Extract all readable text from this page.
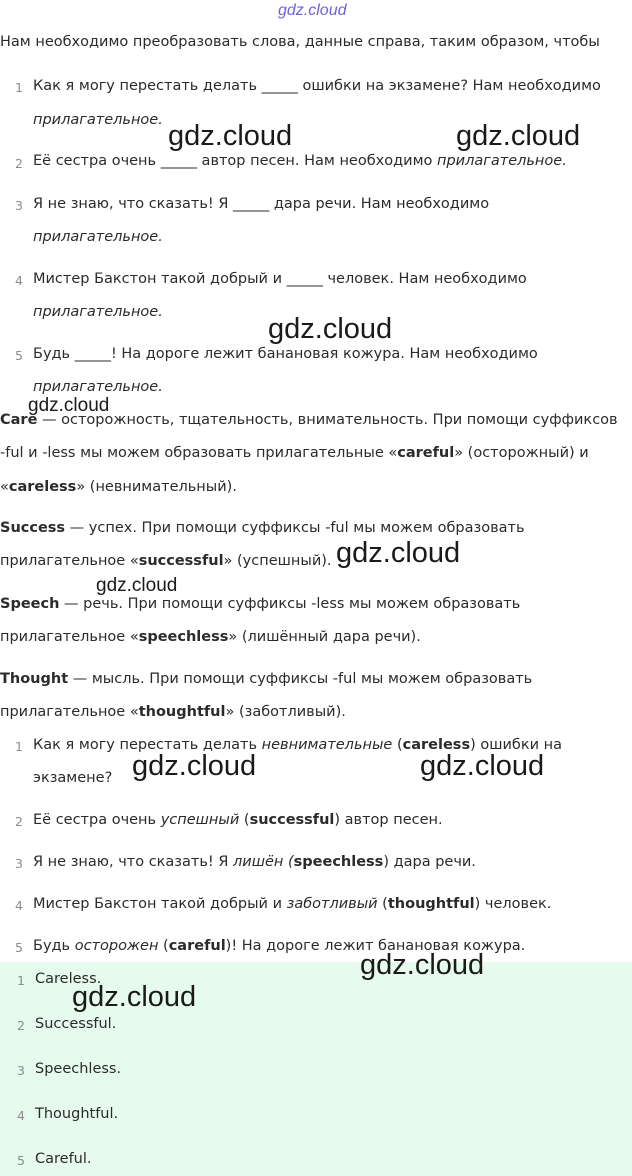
gdz.cloud
Нам необходимо преобразовать слова, данные справа, таким образом, чтобы
1 Как я могу перестать делать _____ ошибки на экзамене? Нам необходимо
прилагательное.
2 Её сестра очень _____ автор песен. Нам необходимо прилагательное.
3 Я не знаю, что сказать! Я _____ дара речи. Нам необходимо
прилагательное.
4 Мистер Бакстон такой добрый и _____ человек. Нам необходимо
прилагательное.
5 Будь _____! На дороге лежит банановая кожура. Нам необходимо
прилагательное.
Care — осторожность, тщательность, внимательность. При помощи суффиксов
-ful и -less мы можем образовать прилагательные «careful» (осторожный) и
«careless» (невнимательный).
Success — успех. При помощи суффиксы -ful мы можем образовать
прилагательное «successful» (успешный).
Speech — речь. При помощи суффиксы -less мы можем образовать
прилагательное «speechless» (лишённый дара речи).
Thought — мысль. При помощи суффиксы -ful мы можем образовать
прилагательное «thoughtful» (заботливый).
1 Как я могу перестать делать невнимательные (careless) ошибки на
экзамене?
2 Её сестра очень успешный (successful) автор песен.
3 Я не знаю, что сказать! Я лишён (speechless) дара речи.
4 Мистер Бакстон такой добрый и заботливый (thoughtful) человек.
5 Будь осторожен (careful)! На дороге лежит банановая кожура.
1 Careless.
2 Successful.
3 Speechless.
4 Thoughtful.
5 Careful.
gdz.cloud	gdz.cloud
gdz.cloud
gdz.cloud
gdz.cloud
gdz.cloud
gdz.cloud	gdz.cloud
gdz.cloud
gdz.cloud
